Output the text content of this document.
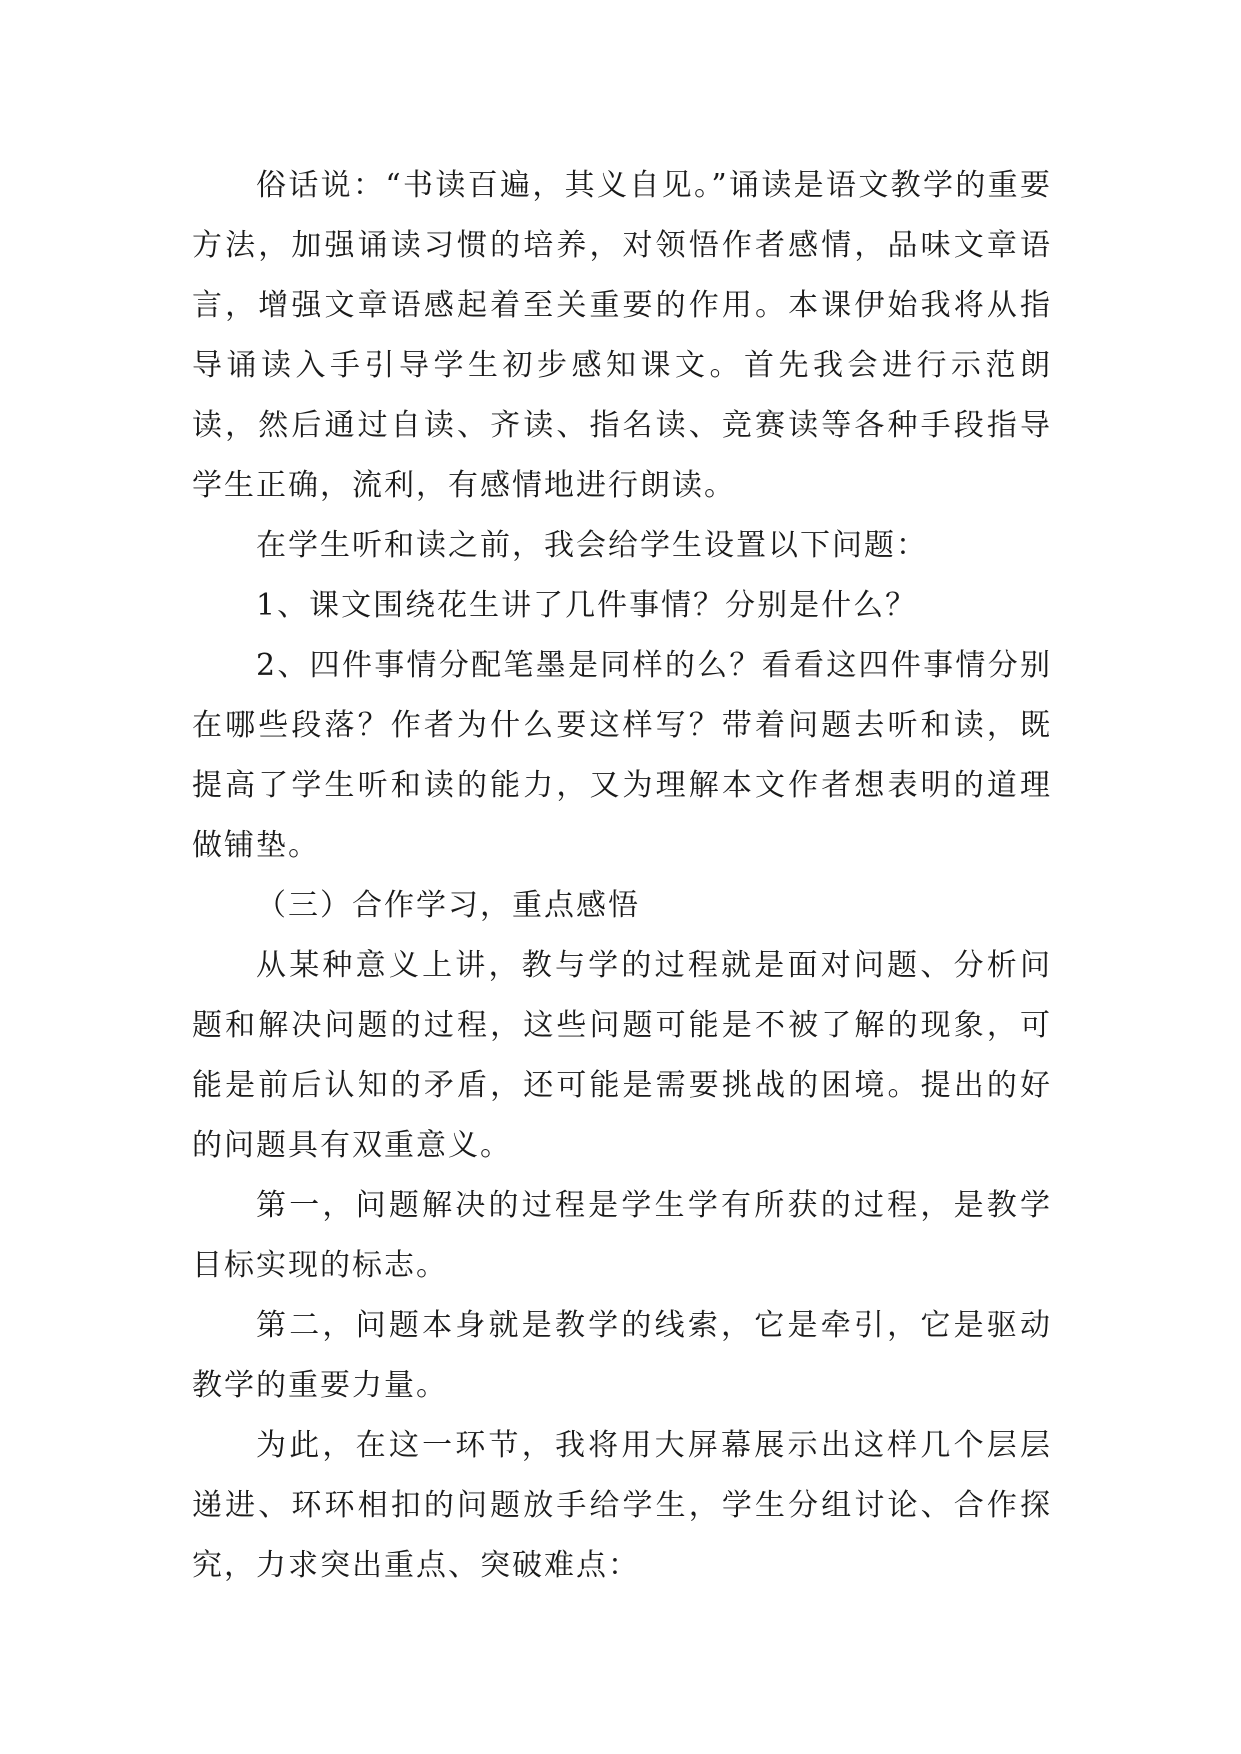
俗话说：“书读百遍，其义自见。”诵读是语文教学的重要方法，加强诵读习惯的培养，对领悟作者感情，品味文章语言，增强文章语感起着至关重要的作用。本课伊始我将从指导诵读入手引导学生初步感知课文。首先我会进行示范朗读，然后通过自读、齐读、指名读、竞赛读等各种手段指导学生正确，流利，有感情地进行朗读。

在学生听和读之前，我会给学生设置以下问题：

1、课文围绕花生讲了几件事情？分别是什么？

2、四件事情分配笔墨是同样的么？看看这四件事情分别在哪些段落？作者为什么要这样写？带着问题去听和读，既提高了学生听和读的能力，又为理解本文作者想表明的道理做铺垫。

（三）合作学习，重点感悟

从某种意义上讲，教与学的过程就是面对问题、分析问题和解决问题的过程，这些问题可能是不被了解的现象，可能是前后认知的矛盾，还可能是需要挑战的困境。提出的好的问题具有双重意义。

第一，问题解决的过程是学生学有所获的过程，是教学目标实现的标志。

第二，问题本身就是教学的线索，它是牵引，它是驱动教学的重要力量。

为此，在这一环节，我将用大屏幕展示出这样几个层层递进、环环相扣的问题放手给学生，学生分组讨论、合作探究，力求突出重点、突破难点：
